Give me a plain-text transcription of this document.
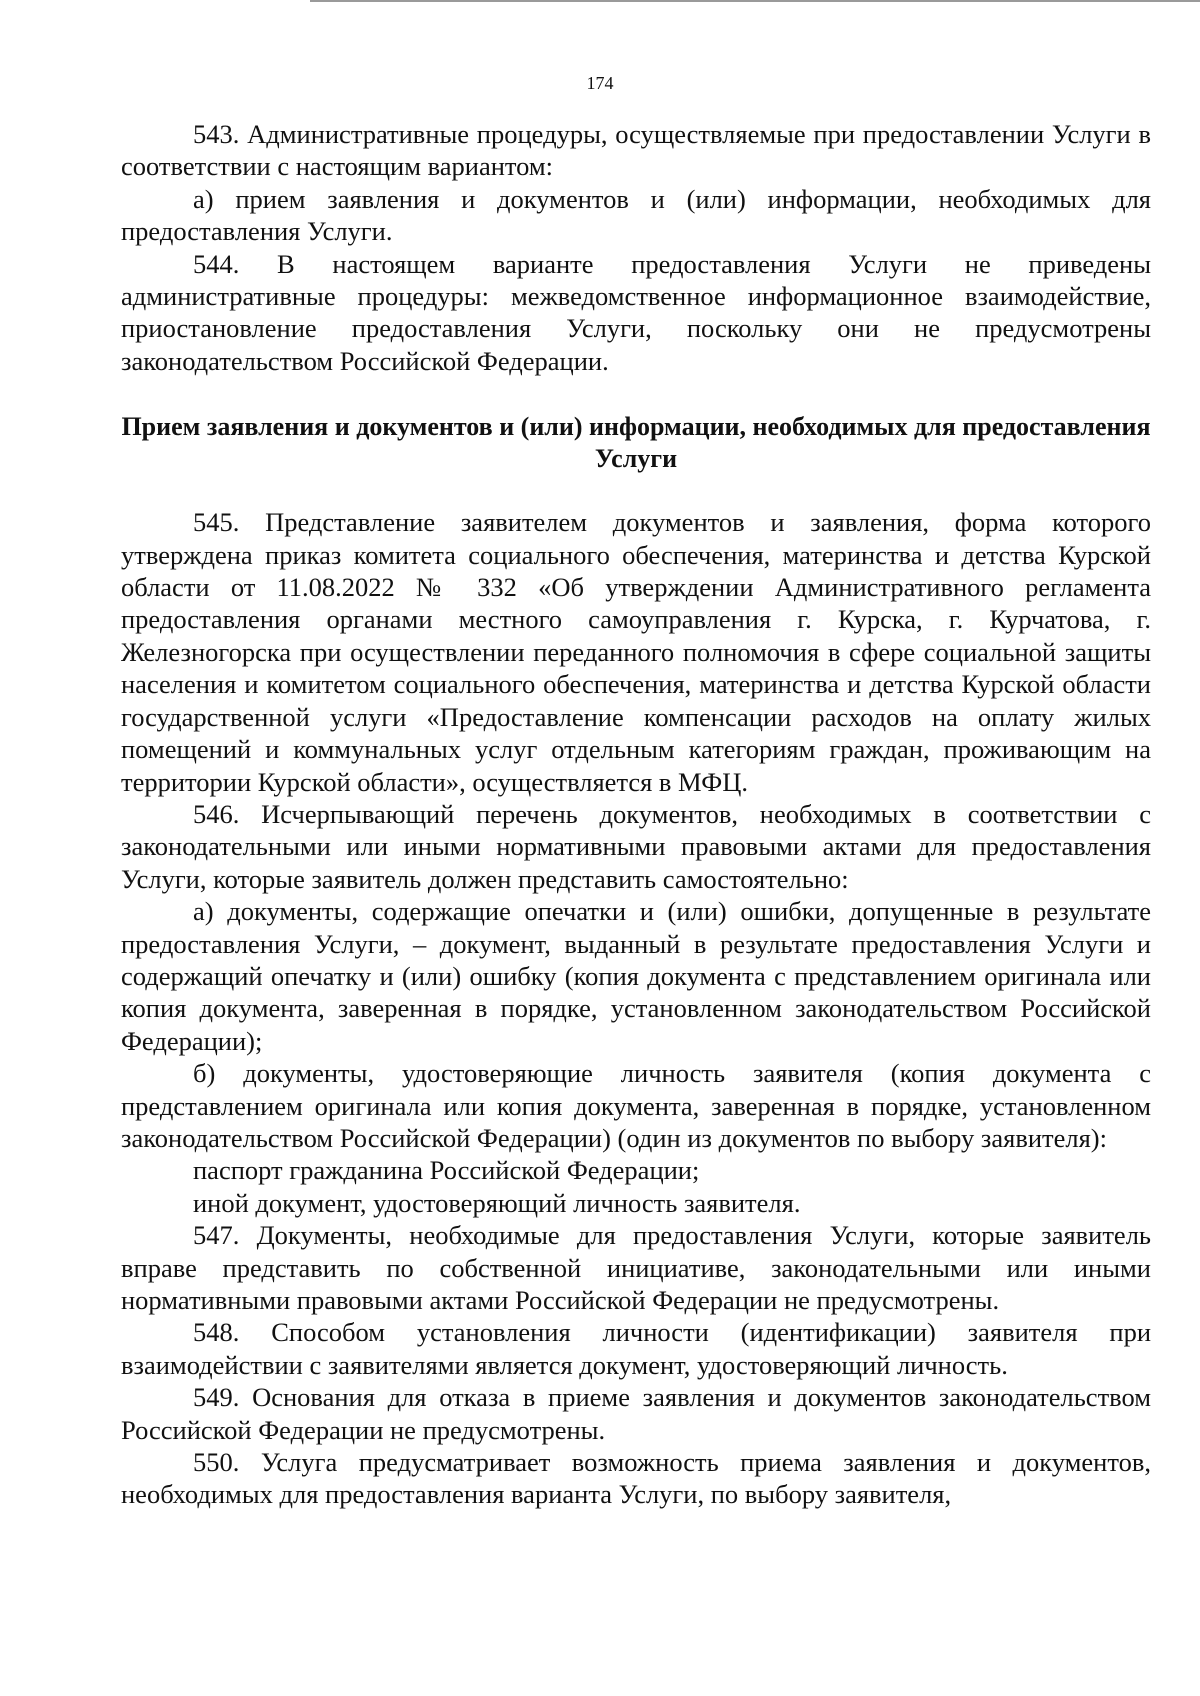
174

543. Административные процедуры, осуществляемые при предоставлении Услуги в соответствии с настоящим вариантом:

а) прием заявления и документов и (или) информации, необходимых для предоставления Услуги.

544. В настоящем варианте предоставления Услуги не приведены административные процедуры: межведомственное информационное взаимодействие, приостановление предоставления Услуги, поскольку они не предусмотрены законодательством Российской Федерации.

Прием заявления и документов и (или) информации, необходимых для предоставления Услуги

545. Представление заявителем документов и заявления, форма которого утверждена приказ комитета социального обеспечения, материнства и детства Курской области от 11.08.2022 № 332 «Об утверждении Административного регламента предоставления органами местного самоуправления г. Курска, г. Курчатова, г. Железногорска при осуществлении переданного полномочия в сфере социальной защиты населения и комитетом социального обеспечения, материнства и детства Курской области государственной услуги «Предоставление компенсации расходов на оплату жилых помещений и коммунальных услуг отдельным категориям граждан, проживающим на территории Курской области», осуществляется в МФЦ.

546. Исчерпывающий перечень документов, необходимых в соответствии с законодательными или иными нормативными правовыми актами для предоставления Услуги, которые заявитель должен представить самостоятельно:

а) документы, содержащие опечатки и (или) ошибки, допущенные в результате предоставления Услуги, – документ, выданный в результате предоставления Услуги и содержащий опечатку и (или) ошибку (копия документа с представлением оригинала или копия документа, заверенная в порядке, установленном законодательством Российской Федерации);

б) документы, удостоверяющие личность заявителя (копия документа с представлением оригинала или копия документа, заверенная в порядке, установленном законодательством Российской Федерации) (один из документов по выбору заявителя):

паспорт гражданина Российской Федерации;

иной документ, удостоверяющий личность заявителя.

547. Документы, необходимые для предоставления Услуги, которые заявитель вправе представить по собственной инициативе, законодательными или иными нормативными правовыми актами Российской Федерации не предусмотрены.

548. Способом установления личности (идентификации) заявителя при взаимодействии с заявителями является документ, удостоверяющий личность.

549. Основания для отказа в приеме заявления и документов законодательством Российской Федерации не предусмотрены.

550. Услуга предусматривает возможность приема заявления и документов, необходимых для предоставления варианта Услуги, по выбору заявителя,
